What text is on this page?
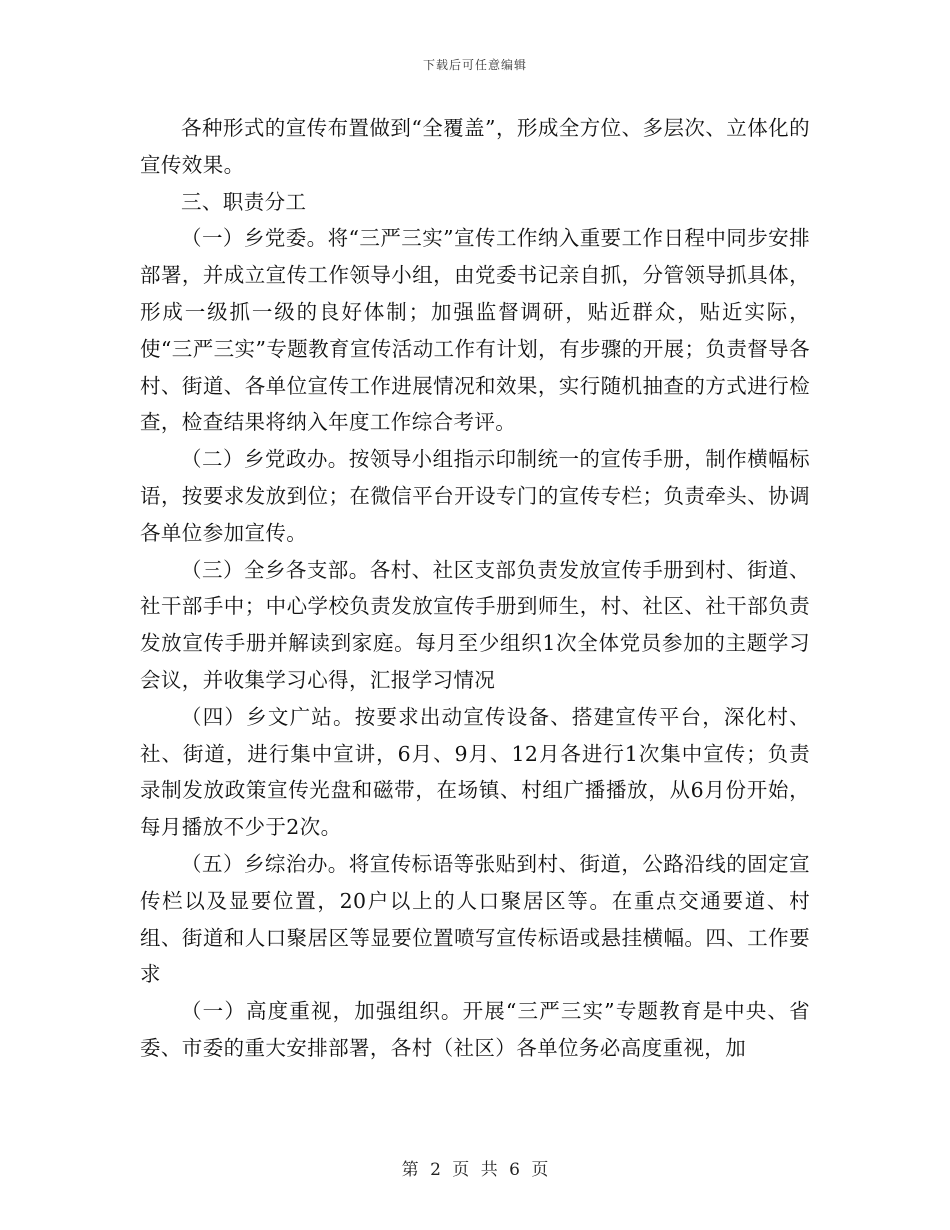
下载后可任意编辑

各种形式的宣传布置做到“全覆盖”，形成全方位、多层次、立体化的宣传效果。

三、职责分工

（一）乡党委。将“三严三实”宣传工作纳入重要工作日程中同步安排部署，并成立宣传工作领导小组，由党委书记亲自抓，分管领导抓具体，形成一级抓一级的良好体制；加强监督调研，贴近群众，贴近实际，使“三严三实”专题教育宣传活动工作有计划，有步骤的开展；负责督导各村、街道、各单位宣传工作进展情况和效果，实行随机抽查的方式进行检查，检查结果将纳入年度工作综合考评。

（二）乡党政办。按领导小组指示印制统一的宣传手册，制作横幅标语，按要求发放到位；在微信平台开设专门的宣传专栏；负责牵头、协调各单位参加宣传。

（三）全乡各支部。各村、社区支部负责发放宣传手册到村、街道、社干部手中；中心学校负责发放宣传手册到师生，村、社区、社干部负责发放宣传手册并解读到家庭。每月至少组织1次全体党员参加的主题学习会议，并收集学习心得，汇报学习情况

（四）乡文广站。按要求出动宣传设备、搭建宣传平台，深化村、社、街道，进行集中宣讲，6月、9月、12月各进行1次集中宣传；负责录制发放政策宣传光盘和磁带，在场镇、村组广播播放，从6月份开始，每月播放不少于2次。

（五）乡综治办。将宣传标语等张贴到村、街道，公路沿线的固定宣传栏以及显要位置，20户以上的人口聚居区等。在重点交通要道、村组、街道和人口聚居区等显要位置喷写宣传标语或悬挂横幅。四、工作要求

（一）高度重视，加强组织。开展“三严三实”专题教育是中央、省委、市委的重大安排部署，各村（社区）各单位务必高度重视，加

第 2 页 共 6 页
